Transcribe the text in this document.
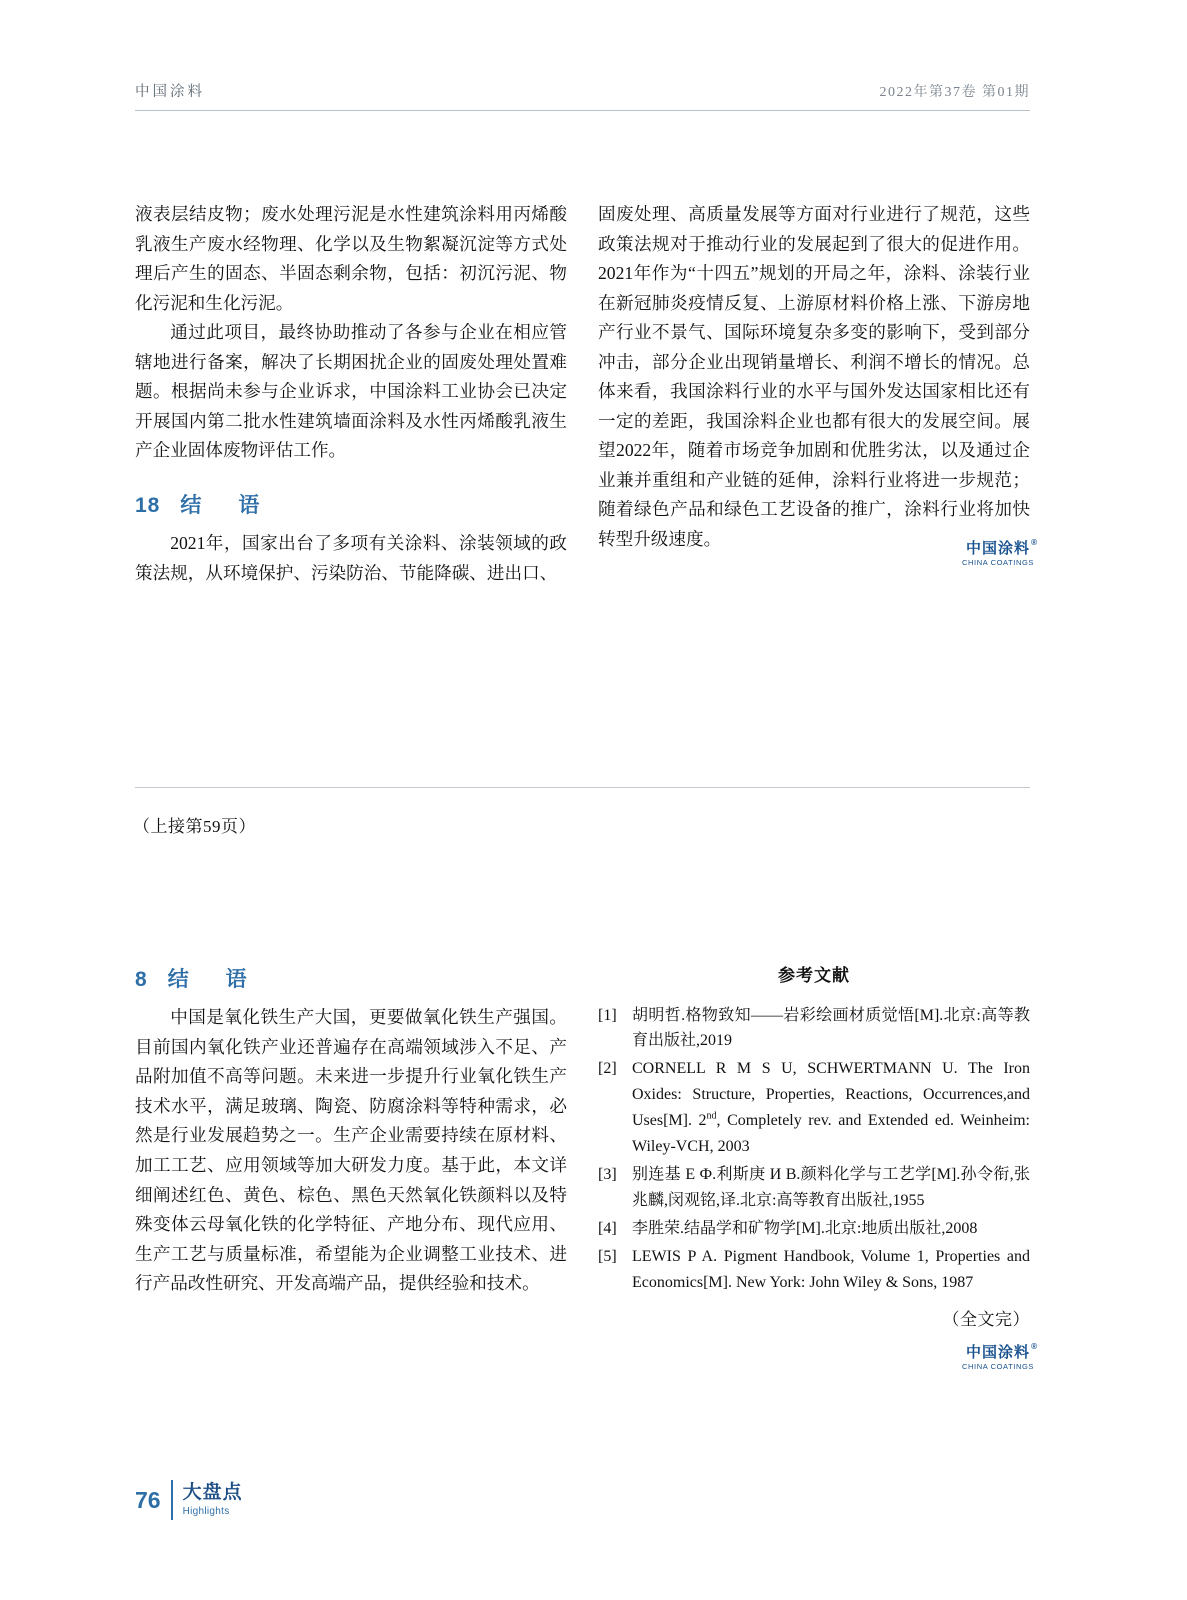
中国涂料	2022年第37卷 第01期

液表层结皮物；废水处理污泥是水性建筑涂料用丙烯酸乳液生产废水经物理、化学以及生物絮凝沉淀等方式处理后产生的固态、半固态剩余物，包括：初沉污泥、物化污泥和生化污泥。

通过此项目，最终协助推动了各参与企业在相应管辖地进行备案，解决了长期困扰企业的固废处理处置难题。根据尚未参与企业诉求，中国涂料工业协会已决定开展国内第二批水性建筑墙面涂料及水性丙烯酸乳液生产企业固体废物评估工作。

18 结　语

2021年，国家出台了多项有关涂料、涂装领域的政策法规，从环境保护、污染防治、节能降碳、进出口、

固废处理、高质量发展等方面对行业进行了规范，这些政策法规对于推动行业的发展起到了很大的促进作用。2021年作为“十四五”规划的开局之年，涂料、涂装行业在新冠肺炎疫情反复、上游原材料价格上涨、下游房地产行业不景气、国际环境复杂多变的影响下，受到部分冲击，部分企业出现销量增长、利润不增长的情况。总体来看，我国涂料行业的水平与国外发达国家相比还有一定的差距，我国涂料企业也都有很大的发展空间。展望2022年，随着市场竞争加剧和优胜劣汰，以及通过企业兼并重组和产业链的延伸，涂料行业将进一步规范；随着绿色产品和绿色工艺设备的推广，涂料行业将加快转型升级速度。	中国涂料 ®
CHINA COATINGS
（上接第59页）
8 结　语

中国是氧化铁生产大国，更要做氧化铁生产强国。目前国内氧化铁产业还普遍存在高端领域涉入不足、产品附加值不高等问题。未来进一步提升行业氧化铁生产技术水平，满足玻璃、陶瓷、防腐涂料等特种需求，必然是行业发展趋势之一。生产企业需要持续在原材料、加工工艺、应用领域等加大研发力度。基于此，本文详细阐述红色、黄色、棕色、黑色天然氧化铁颜料以及特殊变体云母氧化铁的化学特征、产地分布、现代应用、生产工艺与质量标准，希望能为企业调整工业技术、进行产品改性研究、开发高端产品，提供经验和技术。

参考文献
[1] 胡明哲.格物致知——岩彩绘画材质觉悟[M].北京:高等教育出版社,2019
[2] CORNELL R M S U, SCHWERTMANN U. The Iron Oxides: Structure, Properties, Reactions, Occurrences,and Uses[M]. 2nd, Completely rev. and Extended ed. Weinheim: Wiley-VCH, 2003
[3] 别连基 Е Ф.利斯庚 И В.颜料化学与工艺学[M].孙令衔,张兆麟,闵观铭,译.北京:高等教育出版社,1955
[4] 李胜荣.结晶学和矿物学[M].北京:地质出版社,2008
[5] LEWIS P A. Pigment Handbook, Volume 1, Properties and Economics[M]. New York: John Wiley & Sons, 1987
（全文完）
中国涂料 ®
CHINA COATINGS
76 大盘点
Highlights
